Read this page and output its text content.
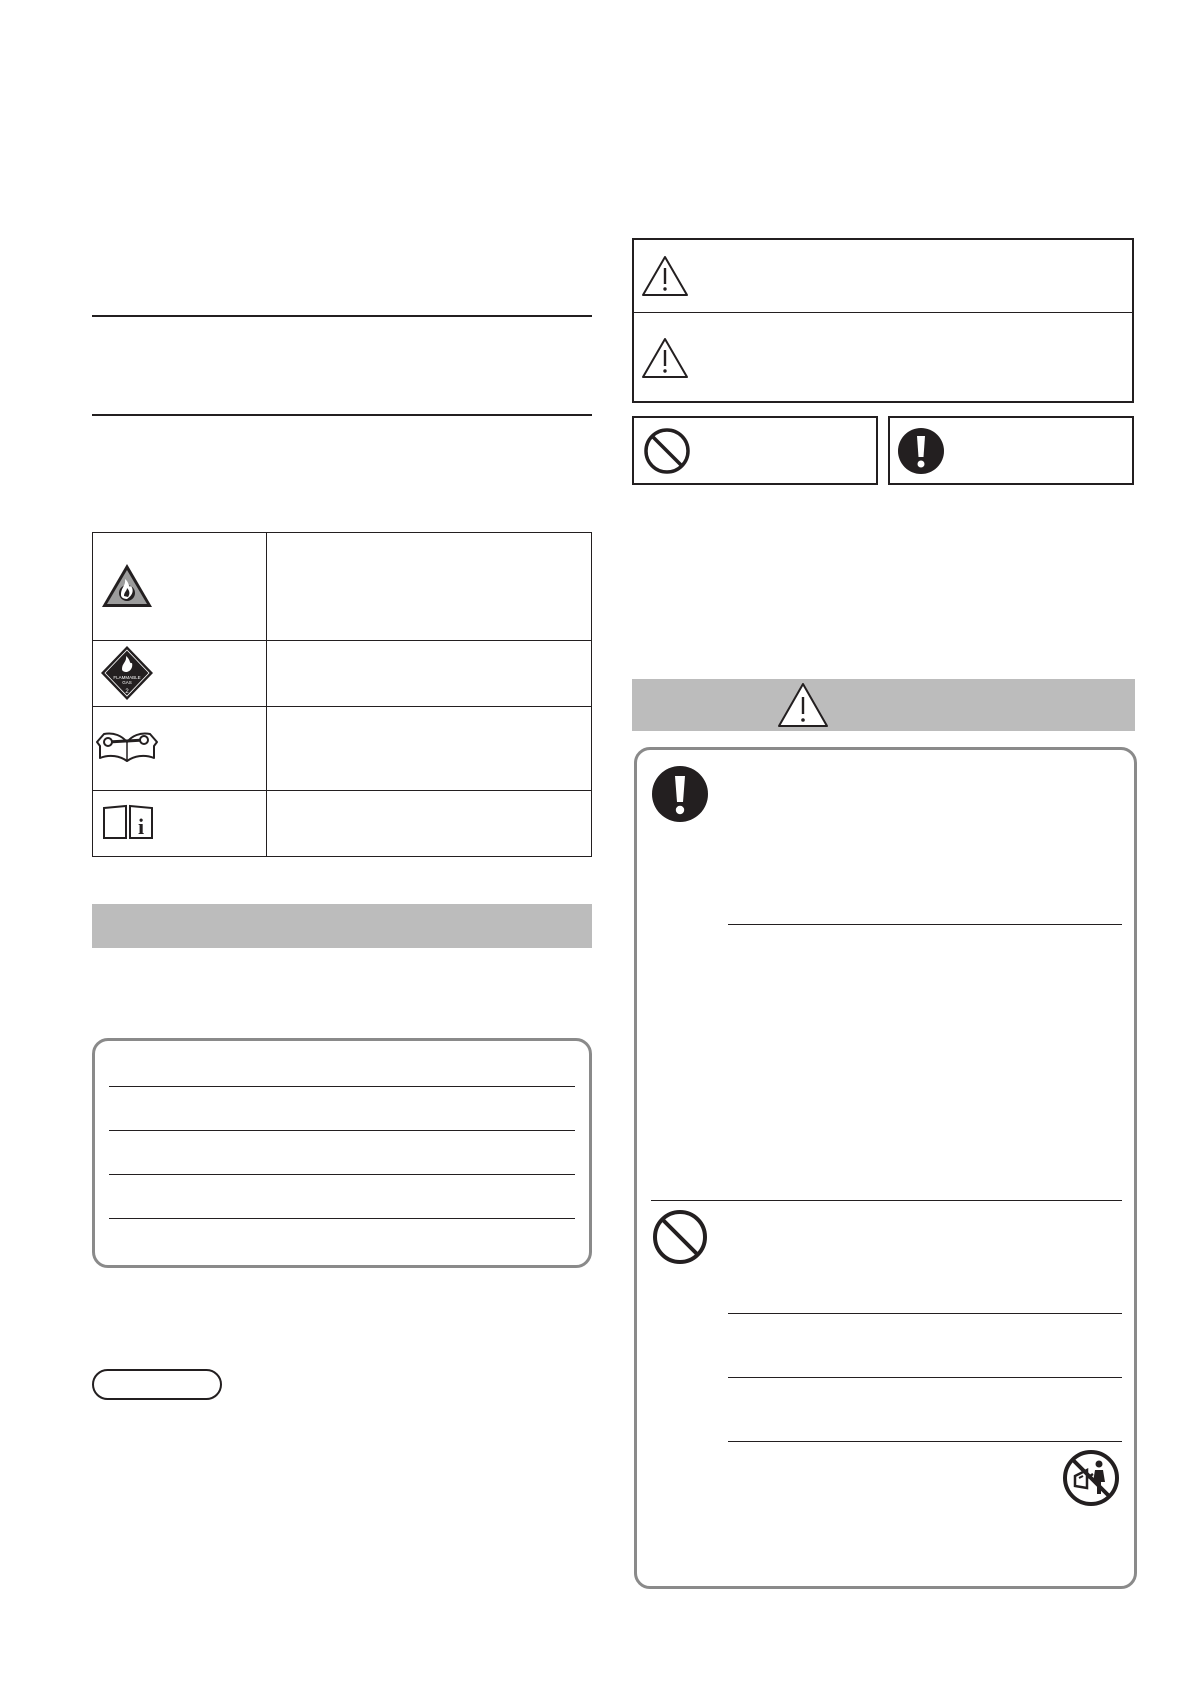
FLAMMABLE
GAS
2
i
